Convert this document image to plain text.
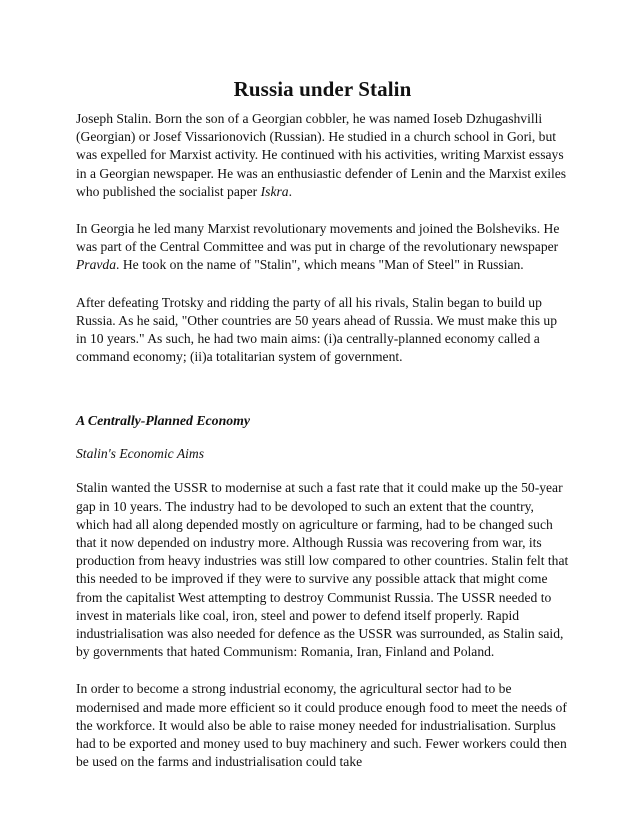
Russia under Stalin

Joseph Stalin. Born the son of a Georgian cobbler, he was named Ioseb Dzhugashvilli (Georgian) or Josef Vissarionovich (Russian). He studied in a church school in Gori, but was expelled for Marxist activity. He continued with his activities, writing Marxist essays in a Georgian newspaper. He was an enthusiastic defender of Lenin and the Marxist exiles who published the socialist paper Iskra.

In Georgia he led many Marxist revolutionary movements and joined the Bolsheviks. He was part of the Central Committee and was put in charge of the revolutionary newspaper Pravda. He took on the name of "Stalin", which means "Man of Steel" in Russian.

After defeating Trotsky and ridding the party of all his rivals, Stalin began to build up Russia. As he said, "Other countries are 50 years ahead of Russia. We must make this up in 10 years." As such, he had two main aims: (i)a centrally-planned economy called a command economy; (ii)a totalitarian system of government.

A Centrally-Planned Economy
Stalin's Economic Aims

Stalin wanted the USSR to modernise at such a fast rate that it could make up the 50-year gap in 10 years. The industry had to be devoloped to such an extent that the country, which had all along depended mostly on agriculture or farming, had to be changed such that it now depended on industry more. Although Russia was recovering from war, its production from heavy industries was still low compared to other countries. Stalin felt that this needed to be improved if they were to survive any possible attack that might come from the capitalist West attempting to destroy Communist Russia. The USSR needed to invest in materials like coal, iron, steel and power to defend itself properly. Rapid industrialisation was also needed for defence as the USSR was surrounded, as Stalin said, by governments that hated Communism: Romania, Iran, Finland and Poland.

In order to become a strong industrial economy, the agricultural sector had to be modernised and made more efficient so it could produce enough food to meet the needs of the workforce. It would also be able to raise money needed for industrialisation. Surplus had to be exported and money used to buy machinery and such. Fewer workers could then be used on the farms and industrialisation could take
